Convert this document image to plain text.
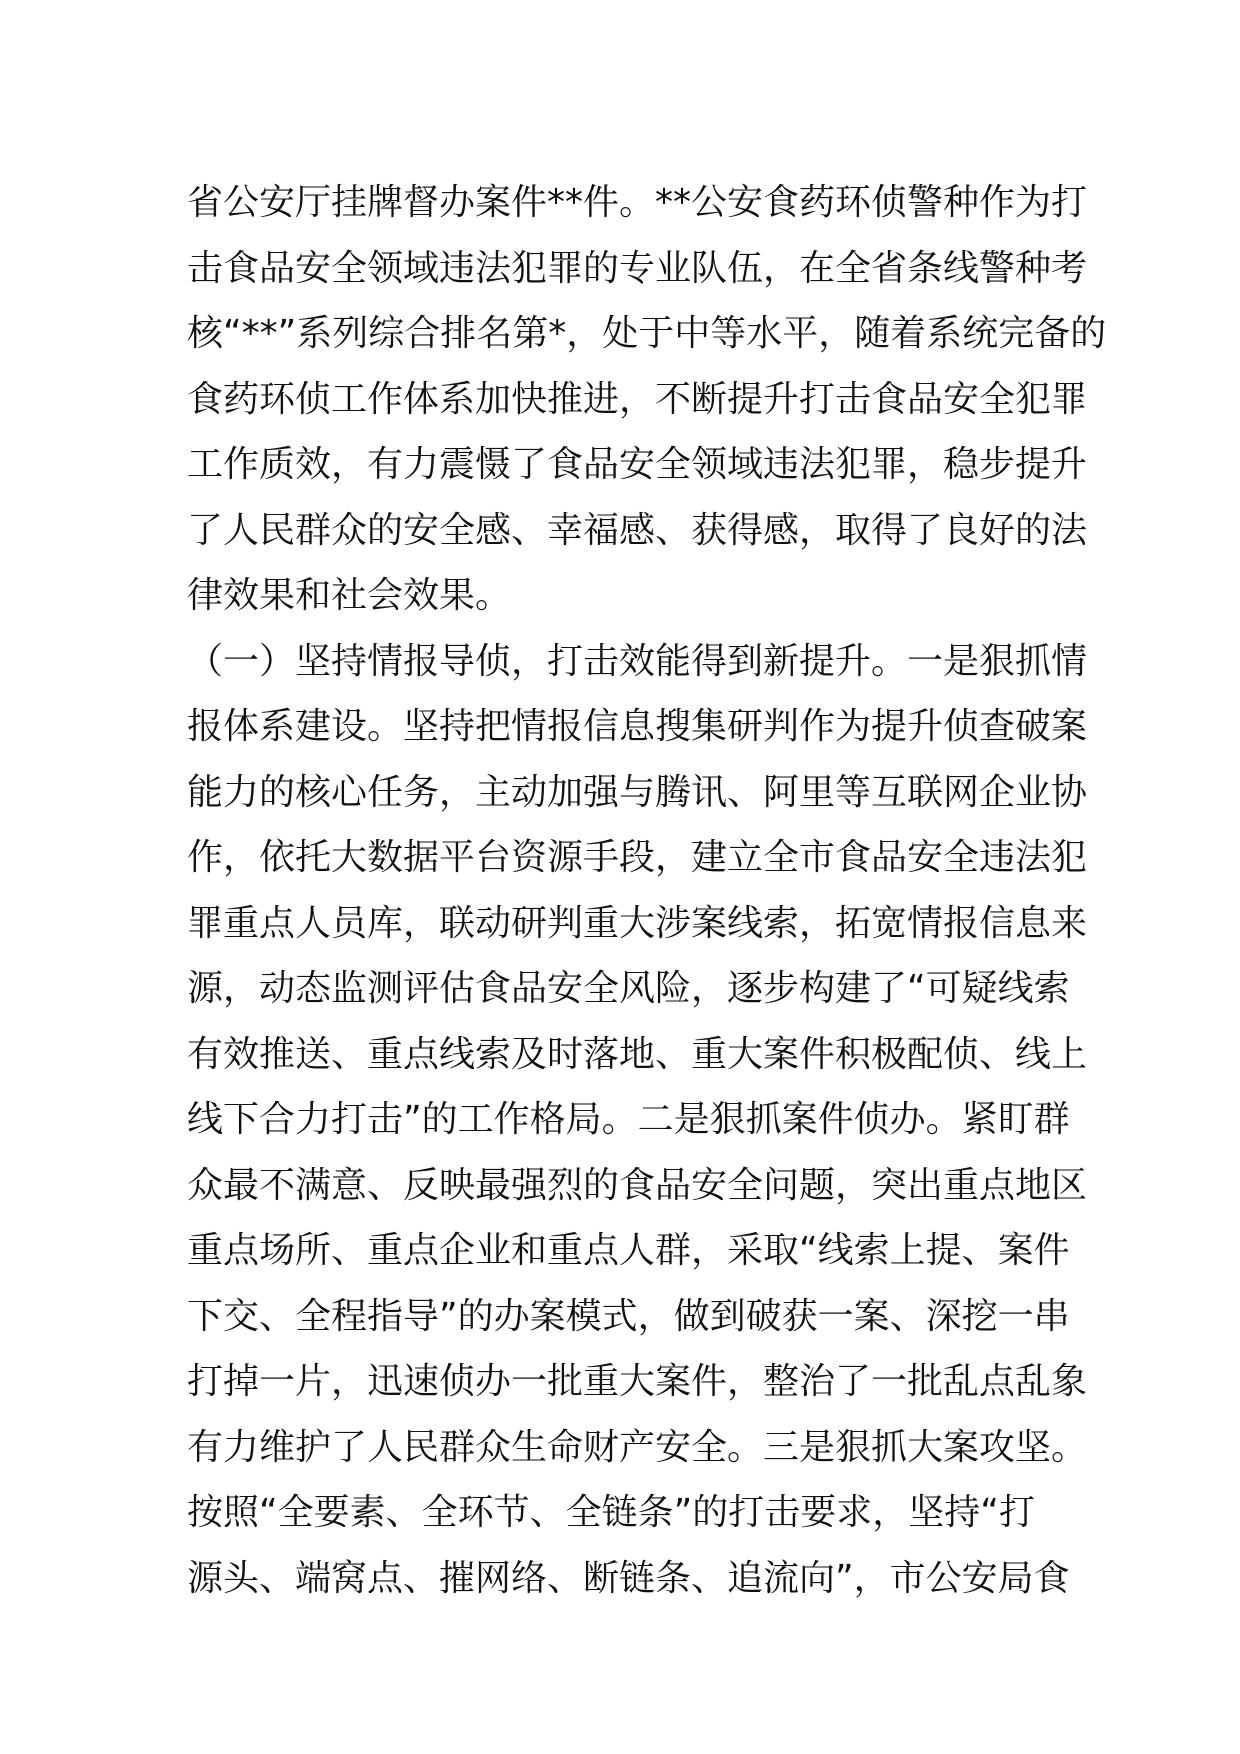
省公安厅挂牌督办案件**件。**公安食药环侦警种作为打
击食品安全领域违法犯罪的专业队伍，在全省条线警种考
核“**”系列综合排名第*，处于中等水平，随着系统完备的
食药环侦工作体系加快推进，不断提升打击食品安全犯罪
工作质效，有力震慑了食品安全领域违法犯罪，稳步提升
了人民群众的安全感、幸福感、获得感，取得了良好的法
律效果和社会效果。
（一）坚持情报导侦，打击效能得到新提升。一是狠抓情
报体系建设。坚持把情报信息搜集研判作为提升侦查破案
能力的核心任务，主动加强与腾讯、阿里等互联网企业协
作，依托大数据平台资源手段，建立全市食品安全违法犯
罪重点人员库，联动研判重大涉案线索，拓宽情报信息来
源，动态监测评估食品安全风险，逐步构建了“可疑线索
有效推送、重点线索及时落地、重大案件积极配侦、线上
线下合力打击”的工作格局。二是狠抓案件侦办。紧盯群
众最不满意、反映最强烈的食品安全问题，突出重点地区
重点场所、重点企业和重点人群，采取“线索上提、案件
下交、全程指导”的办案模式，做到破获一案、深挖一串
打掉一片，迅速侦办一批重大案件，整治了一批乱点乱象
有力维护了人民群众生命财产安全。三是狠抓大案攻坚。
按照“全要素、全环节、全链条”的打击要求，坚持“打
源头、端窝点、摧网络、断链条、追流向”，市公安局食
